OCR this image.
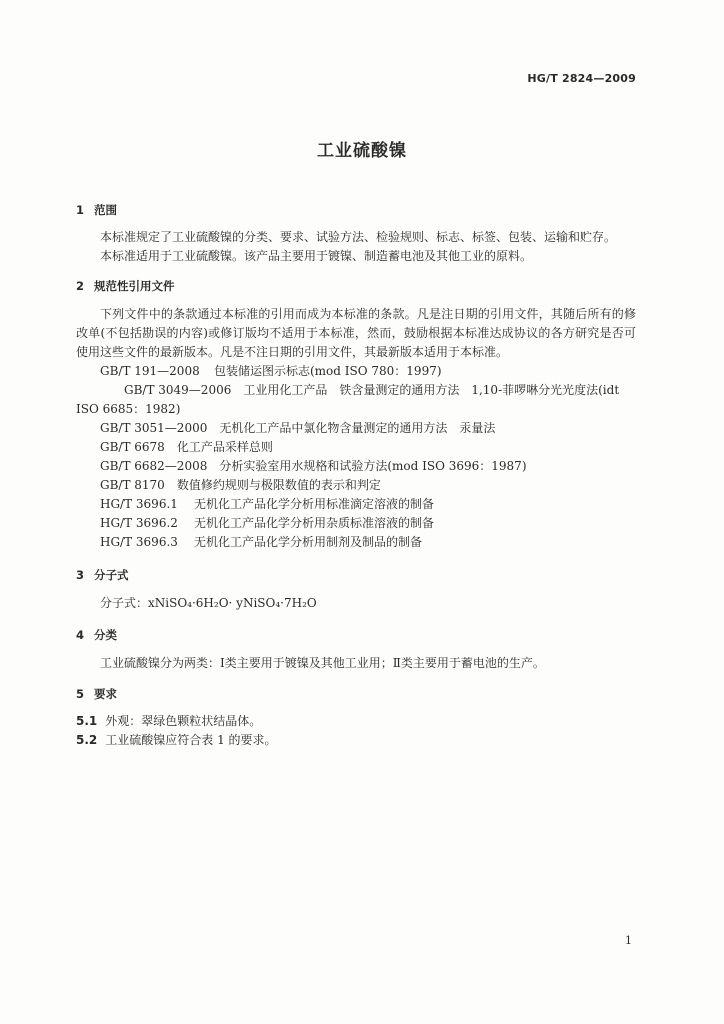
HG/T 2824—2009
工业硫酸镍
1 范围
本标准规定了工业硫酸镍的分类、要求、试验方法、检验规则、标志、标签、包装、运输和贮存。
本标准适用于工业硫酸镍。该产品主要用于镀镍、制造蓄电池及其他工业的原料。
2 规范性引用文件
下列文件中的条款通过本标准的引用而成为本标准的条款。凡是注日期的引用文件，其随后所有的修改单(不包括勘误的内容)或修订版均不适用于本标准，然而，鼓励根据本标准达成协议的各方研究是否可使用这些文件的最新版本。凡是不注日期的引用文件，其最新版本适用于本标准。
GB/T 191—2008 包装储运图示标志(mod ISO 780：1997)
GB/T 3049—2006 工业用化工产品　铁含量测定的通用方法　1,10-菲啰啉分光光度法(idt ISO 6685：1982)
GB/T 3051—2000 无机化工产品中氯化物含量测定的通用方法　汞量法
GB/T 6678 化工产品采样总则
GB/T 6682—2008 分析实验室用水规格和试验方法(mod ISO 3696：1987)
GB/T 8170 数值修约规则与极限数值的表示和判定
HG/T 3696.1 无机化工产品化学分析用标准滴定溶液的制备
HG/T 3696.2 无机化工产品化学分析用杂质标准溶液的制备
HG/T 3696.3 无机化工产品化学分析用制剂及制品的制备
3 分子式
分子式：xNiSO₄·6H₂O· yNiSO₄·7H₂O
4 分类
工业硫酸镍分为两类：Ⅰ类主要用于镀镍及其他工业用；Ⅱ类主要用于蓄电池的生产。
5 要求
5.1 外观：翠绿色颗粒状结晶体。
5.2 工业硫酸镍应符合表 1 的要求。
1
